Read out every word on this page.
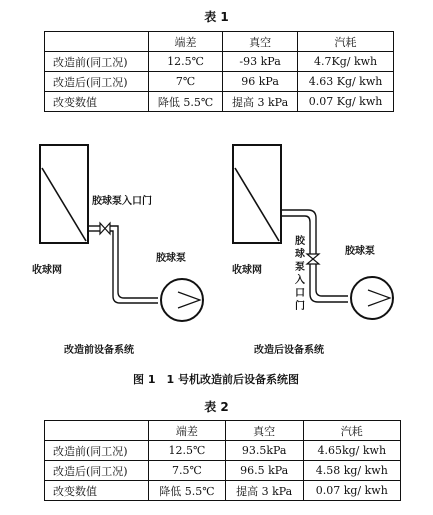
表 1
	端差	真空	汽耗
改造前(同工况)	12.5℃	-93 kPa	4.7Kg/ kwh
改造后(同工况)	7℃	96 kPa	4.63 Kg/ kwh
改变数值	降低 5.5℃	提高 3 kPa	0.07 Kg/ kwh
收球网
胶球泵入口门
胶球泵
改造前设备系统
收球网
胶
球
泵
入
口
门
胶球泵
改造后设备系统
图 1　1 号机改造前后设备系统图
表 2
	端差	真空	汽耗
改造前(同工况)	12.5℃	93.5kPa	4.65kg/ kwh
改造后(同工况)	7.5℃	96.5 kPa	4.58 kg/ kwh
改变数值	降低 5.5℃	提高 3 kPa	0.07 kg/ kwh
